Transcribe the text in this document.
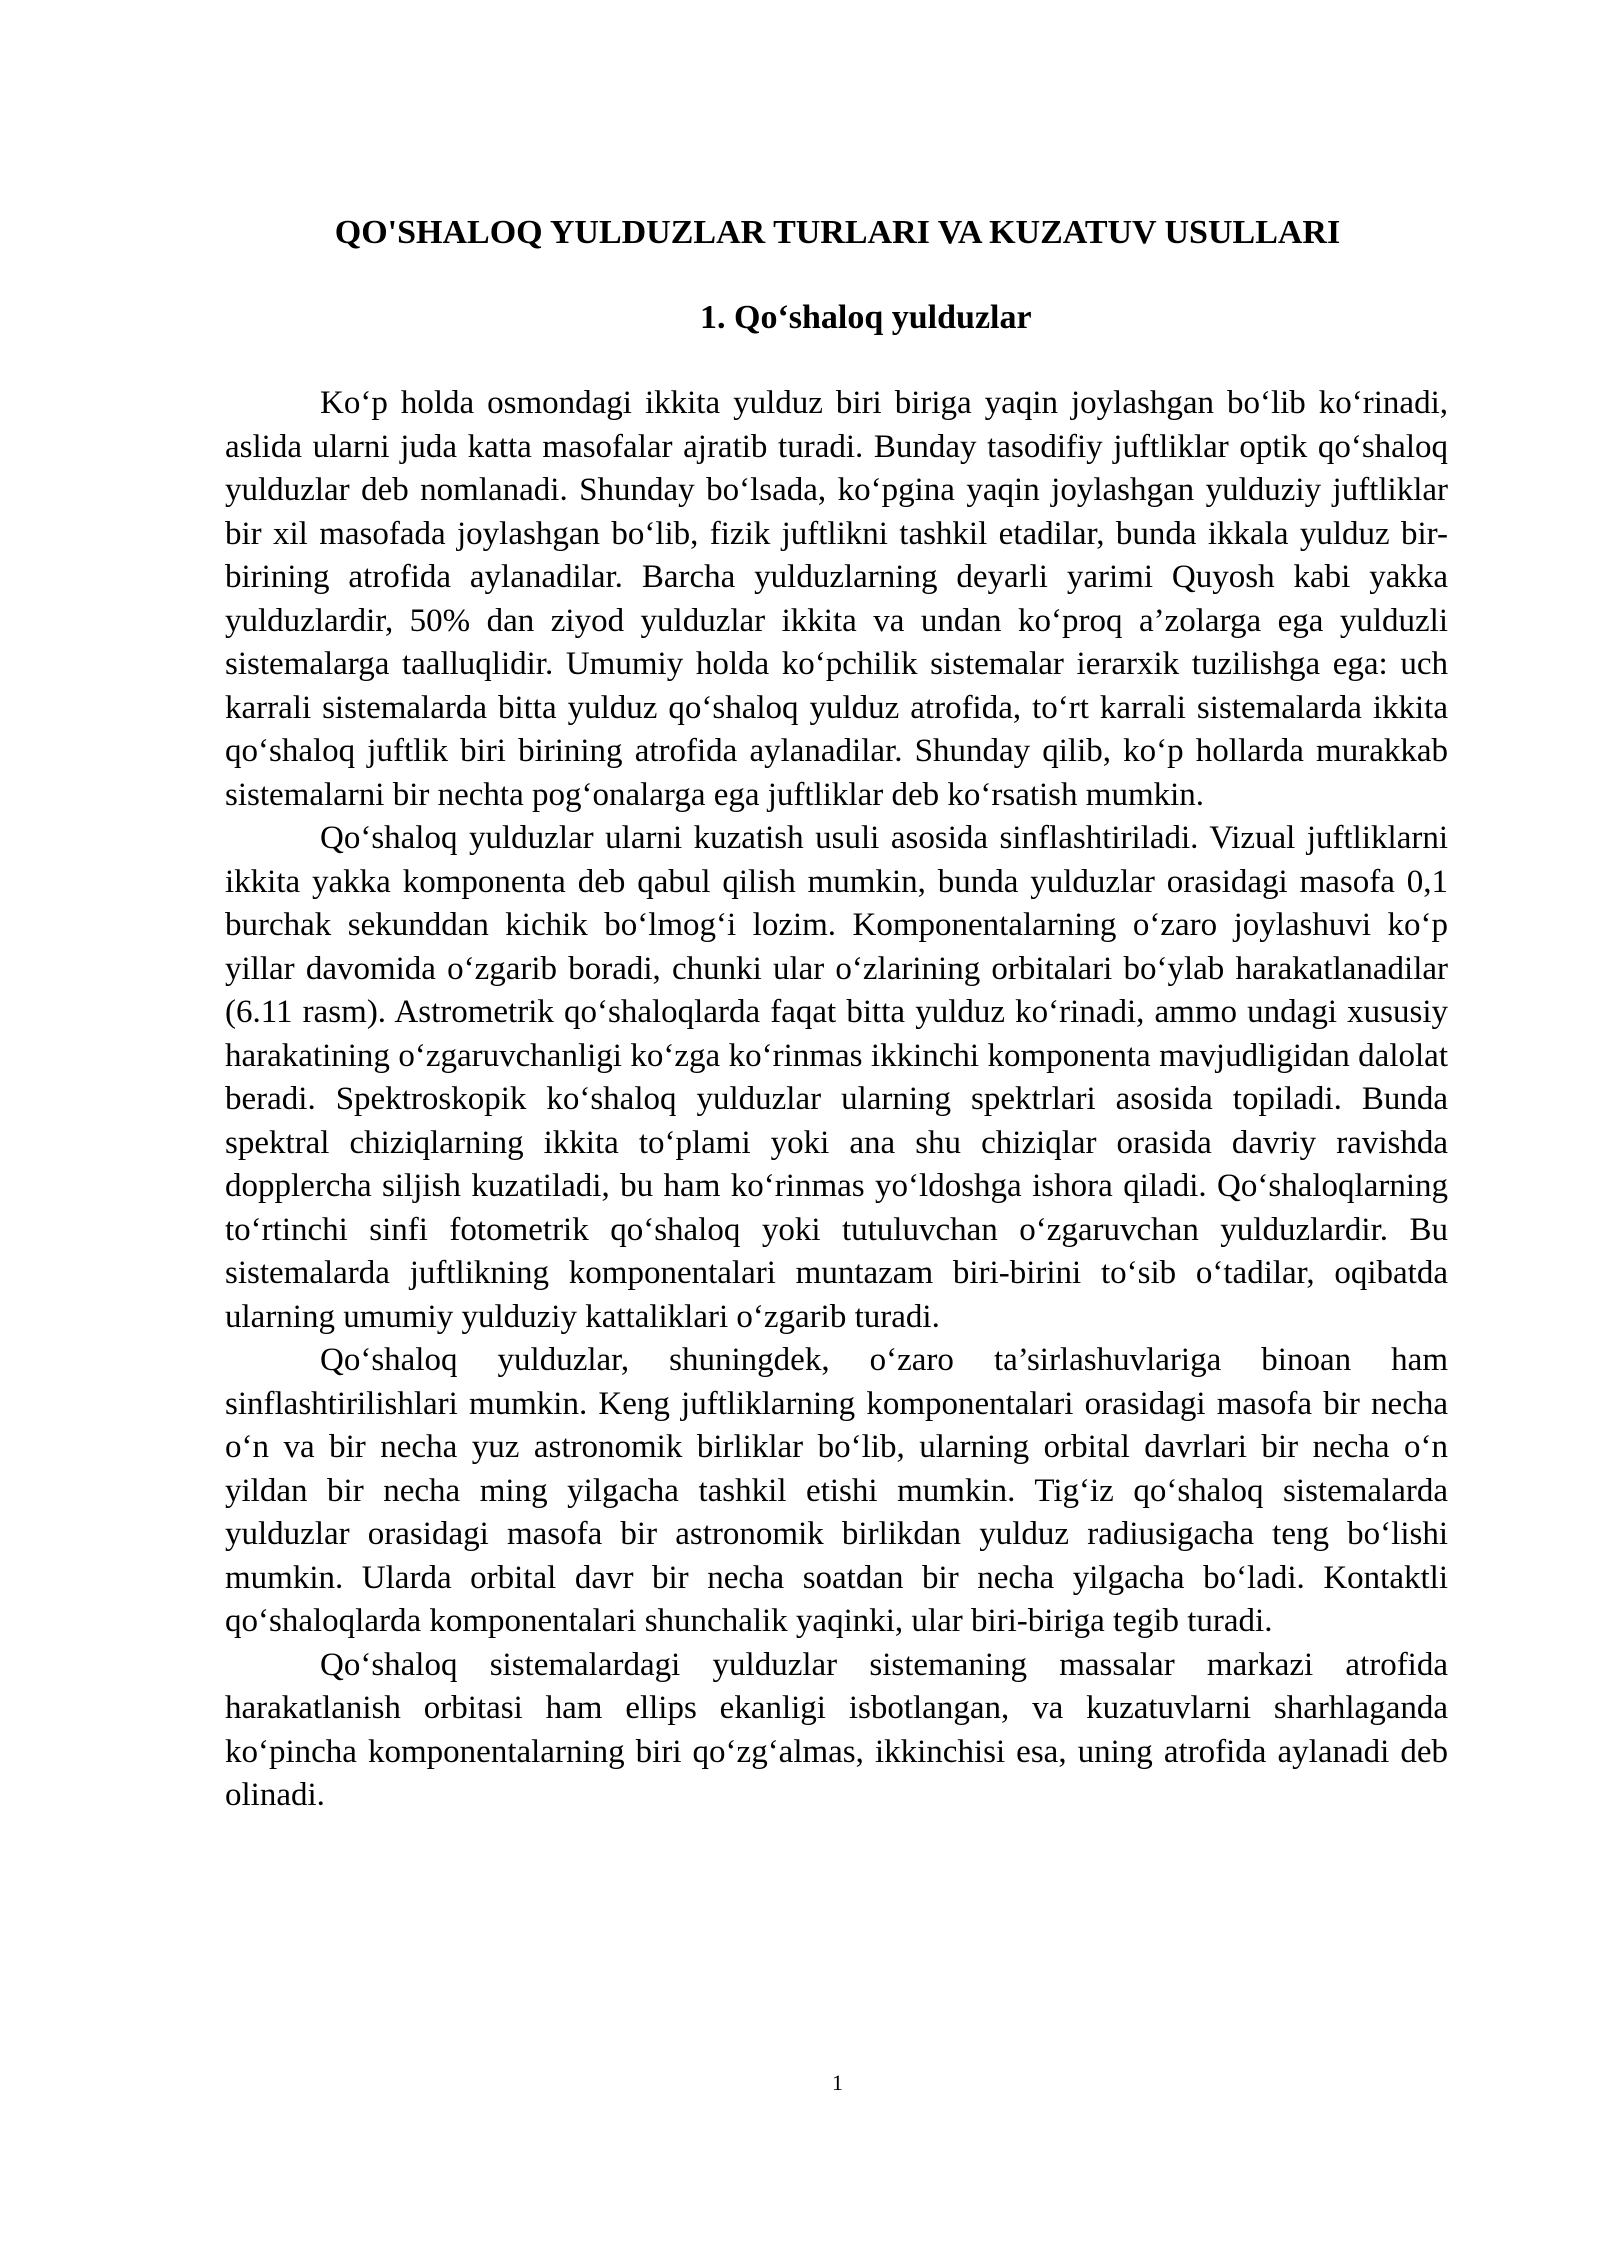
QO'SHALOQ YULDUZLAR TURLARI VA KUZATUV USULLARI
1. Qo‘shaloq yulduzlar

Ko‘p holda osmondagi ikkita yulduz biri biriga yaqin joylashgan bo‘lib ko‘rinadi, aslida ularni juda katta masofalar ajratib turadi. Bunday tasodifiy juftliklar optik qo‘shaloq yulduzlar deb nomlanadi. Shunday bo‘lsada, ko‘pgina yaqin joylashgan yulduziy juftliklar bir xil masofada joylashgan bo‘lib, fizik juftlikni tashkil etadilar, bunda ikkala yulduz bir-birining atrofida aylanadilar. Barcha yulduzlarning deyarli yarimi Quyosh kabi yakka yulduzlardir, 50% dan ziyod yulduzlar ikkita va undan ko‘proq a’zolarga ega yulduzli sistemalarga taalluqlidir. Umumiy holda ko‘pchilik sistemalar ierarxik tuzilishga ega: uch karrali sistemalarda bitta yulduz qo‘shaloq yulduz atrofida, to‘rt karrali sistemalarda ikkita qo‘shaloq juftlik biri birining atrofida aylanadilar. Shunday qilib, ko‘p hollarda murakkab sistemalarni bir nechta pog‘onalarga ega juftliklar deb ko‘rsatish mumkin.

Qo‘shaloq yulduzlar ularni kuzatish usuli asosida sinflashtiriladi. Vizual juftliklarni ikkita yakka komponenta deb qabul qilish mumkin, bunda yulduzlar orasidagi masofa 0,1 burchak sekunddan kichik bo‘lmog‘i lozim. Komponentalarning o‘zaro joylashuvi ko‘p yillar davomida o‘zgarib boradi, chunki ular o‘zlarining orbitalari bo‘ylab harakatlanadilar (6.11 rasm). Astrometrik qo‘shaloqlarda faqat bitta yulduz ko‘rinadi, ammo undagi xususiy harakatining o‘zgaruvchanligi ko‘zga ko‘rinmas ikkinchi komponenta mavjudligidan dalolat beradi. Spektroskopik ko‘shaloq yulduzlar ularning spektrlari asosida topiladi. Bunda spektral chiziqlarning ikkita to‘plami yoki ana shu chiziqlar orasida davriy ravishda dopplercha siljish kuzatiladi, bu ham ko‘rinmas yo‘ldoshga ishora qiladi. Qo‘shaloqlarning to‘rtinchi sinfi fotometrik qo‘shaloq yoki tutuluvchan o‘zgaruvchan yulduzlardir. Bu sistemalarda juftlikning komponentalari muntazam biri-birini to‘sib o‘tadilar, oqibatda ularning umumiy yulduziy kattaliklari o‘zgarib turadi.

Qo‘shaloq yulduzlar, shuningdek, o‘zaro ta’sirlashuvlariga binoan ham sinflashtirilishlari mumkin. Keng juftliklarning komponentalari orasidagi masofa bir necha o‘n va bir necha yuz astronomik birliklar bo‘lib, ularning orbital davrlari bir necha o‘n yildan bir necha ming yilgacha tashkil etishi mumkin. Tig‘iz qo‘shaloq sistemalarda yulduzlar orasidagi masofa bir astronomik birlikdan yulduz radiusigacha teng bo‘lishi mumkin. Ularda orbital davr bir necha soatdan bir necha yilgacha bo‘ladi. Kontaktli qo‘shaloqlarda komponentalari shunchalik yaqinki, ular biri-biriga tegib turadi.

Qo‘shaloq sistemalardagi yulduzlar sistemaning massalar markazi atrofida harakatlanish orbitasi ham ellips ekanligi isbotlangan, va kuzatuvlarni sharhlaganda ko‘pincha komponentalarning biri qo‘zg‘almas, ikkinchisi esa, uning atrofida aylanadi deb olinadi.

1
